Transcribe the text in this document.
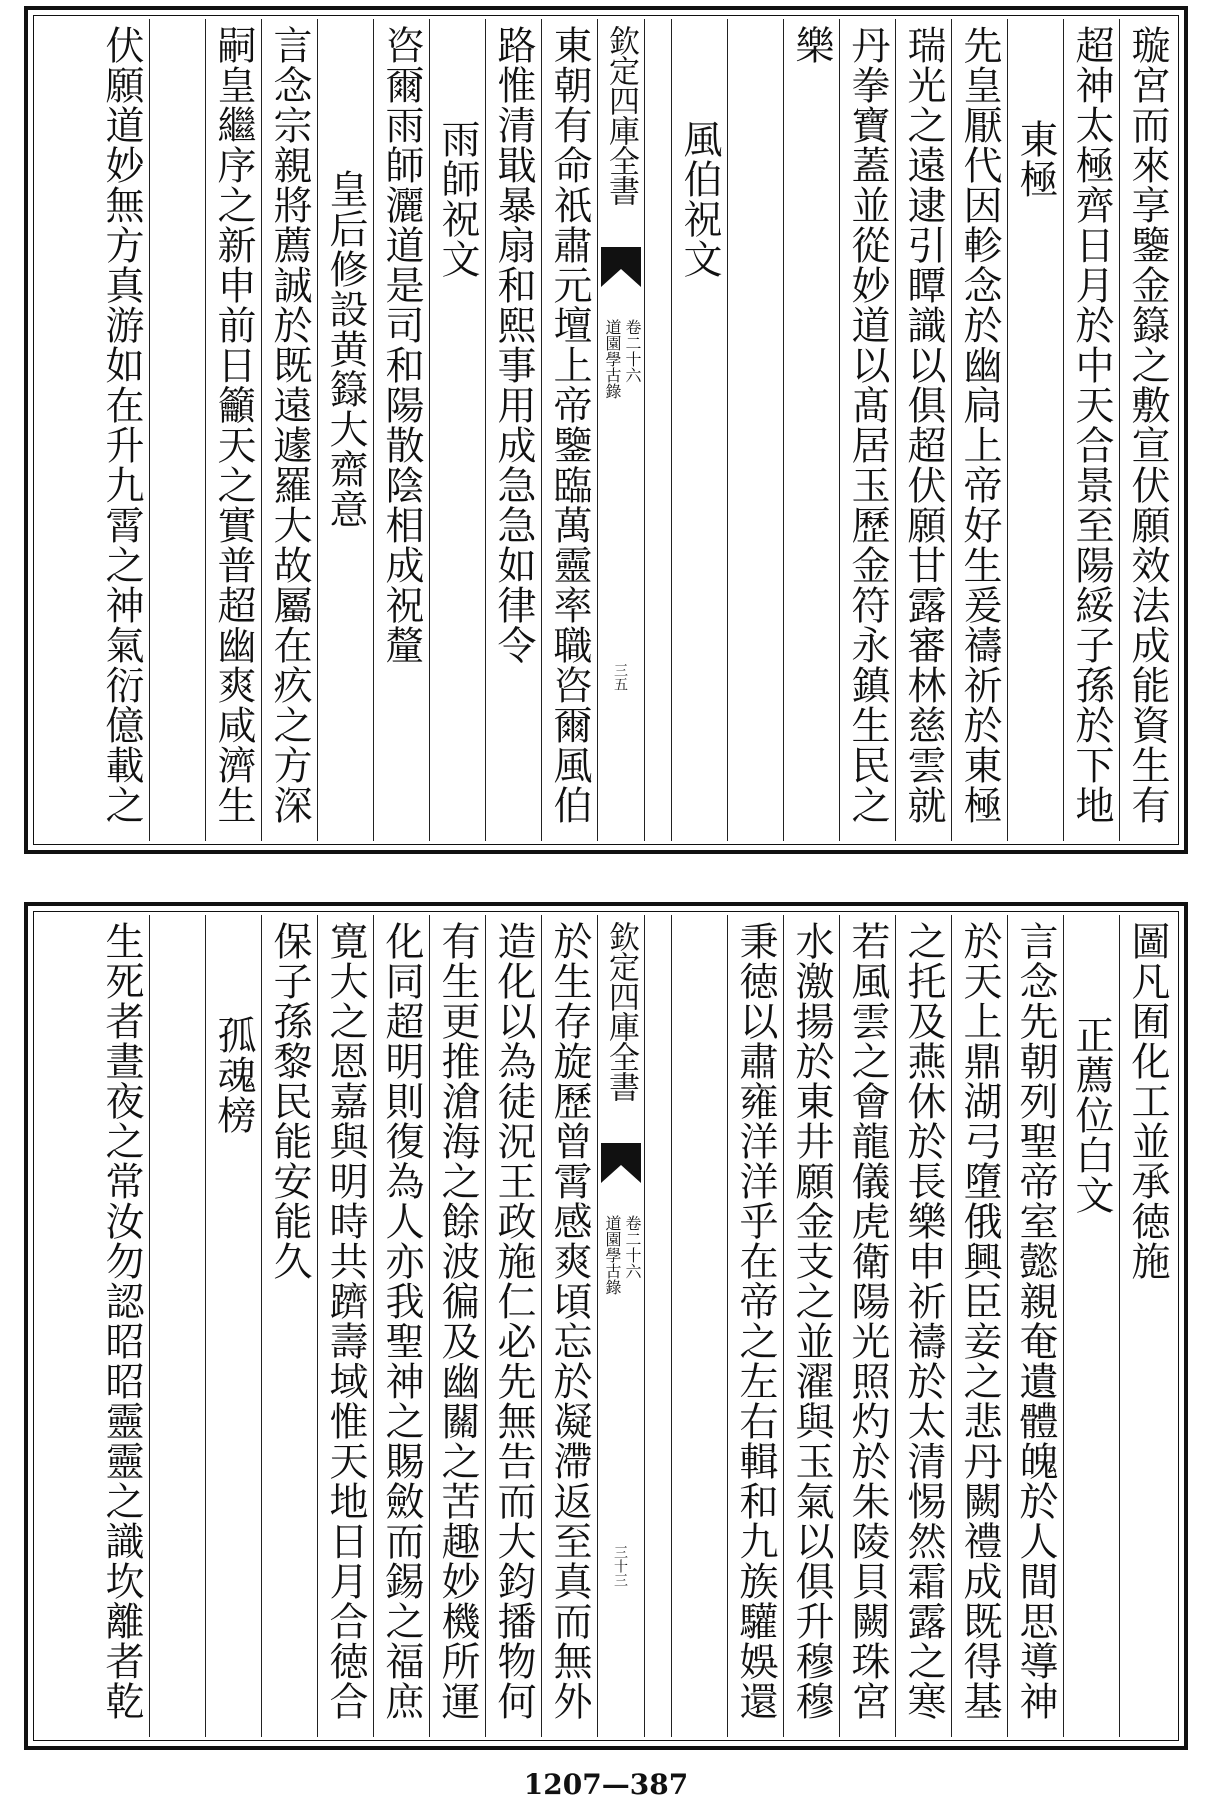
璇宮而來享鑒金籙之敷宣伏願效法成能資生有
超神太極齊日月於中天合景至陽綏子孫於下地
東極
先皇厭代因軫念於幽扃上帝好生爰禱祈於東極
瑞光之遠逮引瞫識以俱超伏願甘露審林慈雲就
丹拳寶蓋並從妙道以髙居玉歷金符永鎮生民之
樂
風伯祝文
欽定四庫全書
道園學古錄 卷二十六
三五
東朝有命祇肅元壇上帝鑒臨萬靈率職咨爾風伯
路惟清戢暴扇和熙事用成急急如律令
雨師祝文
咨爾雨師灑道是司和陽散陰相成祝釐
皇后修設黄籙大齋意
言念宗親將薦誠於既遠遽羅大故屬在疚之方深
嗣皇繼序之新申前日籲天之實普超幽爽咸濟生
伏願道妙無方真游如在升九霄之神氣衍億載之
圖凡囿化工並承徳施
正薦位白文
言念先朝列聖帝室懿親奄遺體魄於人間思導神
於天上鼎湖弓墮俄興臣妾之悲丹闕禮成既得基
之托及燕休於長樂申祈禱於太清惕然霜露之寒
若風雲之會龍儀虎衛陽光照灼於朱陵貝闕珠宮
水激揚於東井願金支之並濯與玉氣以俱升穆穆
秉徳以肅雍洋洋乎在帝之左右輯和九族驩娛還
欽定四庫全書
道園學古錄 卷二十六
三十三
於生存旋歷曾霄感爽頃忘於凝滯返至真而無外
造化以為徒況王政施仁必先無告而大鈞播物何
有生更推滄海之餘波徧及幽關之苦趣妙機所運
化同超明則復為人亦我聖神之賜斂而錫之福庶
寛大之恩嘉與明時共躋壽域惟天地日月合徳合
保子孫黎民能安能久
孤魂榜
生死者晝夜之常汝勿認昭昭靈靈之識坎離者乾
1207—387
